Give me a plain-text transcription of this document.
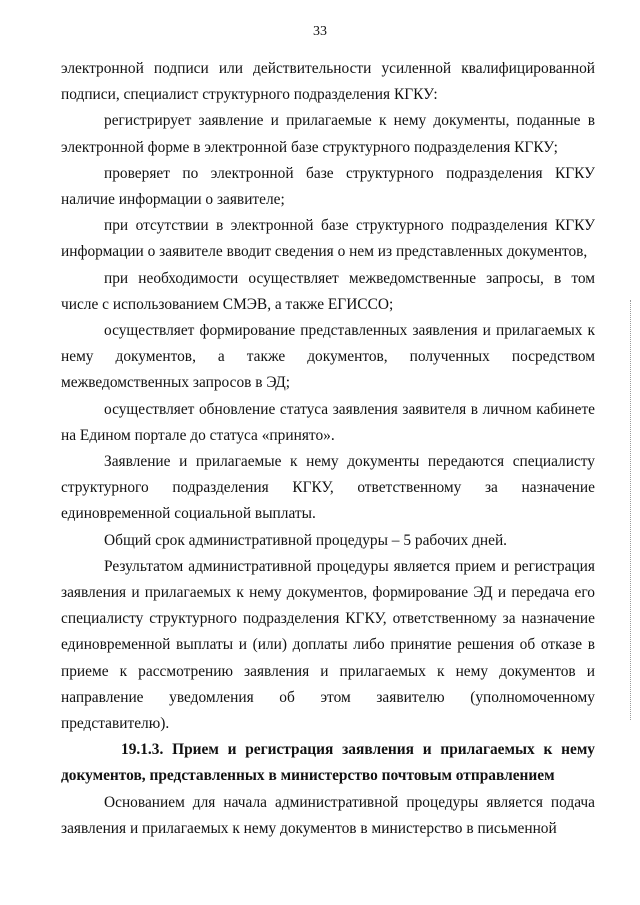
33

электронной подписи или действительности усиленной квалифицированной подписи, специалист структурного подразделения КГКУ:

регистрирует заявление и прилагаемые к нему документы, поданные в электронной форме в электронной базе структурного подразделения КГКУ;

проверяет по электронной базе структурного подразделения КГКУ наличие информации о заявителе;

при отсутствии в электронной базе структурного подразделения КГКУ информации о заявителе вводит сведения о нем из представленных документов,

при необходимости осуществляет межведомственные запросы, в том числе с использованием СМЭВ, а также ЕГИССО;

осуществляет формирование представленных заявления и прилагаемых к нему документов, а также документов, полученных посредством межведомственных запросов в ЭД;

осуществляет обновление статуса заявления заявителя в личном кабинете на Едином портале до статуса «принято».

Заявление и прилагаемые к нему документы передаются специалисту структурного подразделения КГКУ, ответственному за назначение единовременной социальной выплаты.

Общий срок административной процедуры – 5 рабочих дней.

Результатом административной процедуры является прием и регистрация заявления и прилагаемых к нему документов, формирование ЭД и передача его специалисту структурного подразделения КГКУ, ответственному за назначение единовременной выплаты и (или) доплаты либо принятие решения об отказе в приеме к рассмотрению заявления и прилагаемых к нему документов и направление уведомления об этом заявителю (уполномоченному представителю).

19.1.3. Прием и регистрация заявления и прилагаемых к нему документов, представленных в министерство почтовым отправлением

Основанием для начала административной процедуры является подача заявления и прилагаемых к нему документов в министерство в письменной
